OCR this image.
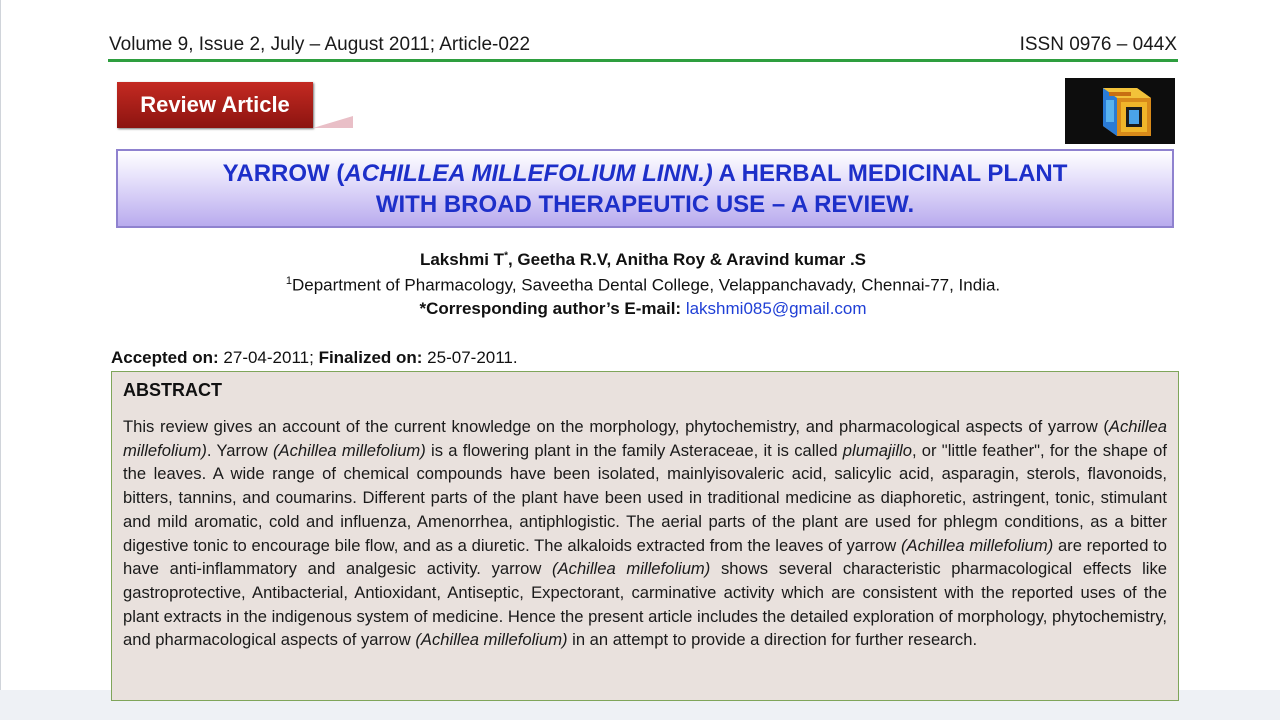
Volume 9, Issue 2, July – August 2011; Article-022	ISSN 0976 – 044X
Review Article
YARROW (ACHILLEA MILLEFOLIUM LINN.) A HERBAL MEDICINAL PLANT
WITH BROAD THERAPEUTIC USE – A REVIEW.
Lakshmi T*, Geetha R.V, Anitha Roy & Aravind kumar .S
$^1$Department of Pharmacology, Saveetha Dental College, Velappanchavady, Chennai-77, India.
*Corresponding author’s E-mail: lakshmi085@gmail.com
Accepted on: 27-04-2011; Finalized on: 25-07-2011.
ABSTRACT
This review gives an account of the current knowledge on the morphology, phytochemistry, and pharmacological aspects of yarrow (Achillea millefolium). Yarrow (Achillea millefolium) is a flowering plant in the family Asteraceae, it is called plumajillo, or "little feather", for the shape of the leaves. A wide range of chemical compounds have been isolated, mainlyisovaleric acid, salicylic acid, asparagin, sterols, flavonoids, bitters, tannins, and coumarins. Different parts of the plant have been used in traditional medicine as diaphoretic, astringent, tonic, stimulant and mild aromatic, cold and influenza, Amenorrhea, antiphlogistic. The aerial parts of the plant are used for phlegm conditions, as a bitter digestive tonic to encourage bile flow, and as a diuretic. The alkaloids extracted from the leaves of yarrow (Achillea millefolium) are reported to have anti-inflammatory and analgesic activity. yarrow (Achillea millefolium) shows several characteristic pharmacological effects like gastroprotective, Antibacterial, Antioxidant, Antiseptic, Expectorant, carminative activity which are consistent with the reported uses of the plant extracts in the indigenous system of medicine. Hence the present article includes the detailed exploration of morphology, phytochemistry, and pharmacological aspects of yarrow (Achillea millefolium) in an attempt to provide a direction for further research.
